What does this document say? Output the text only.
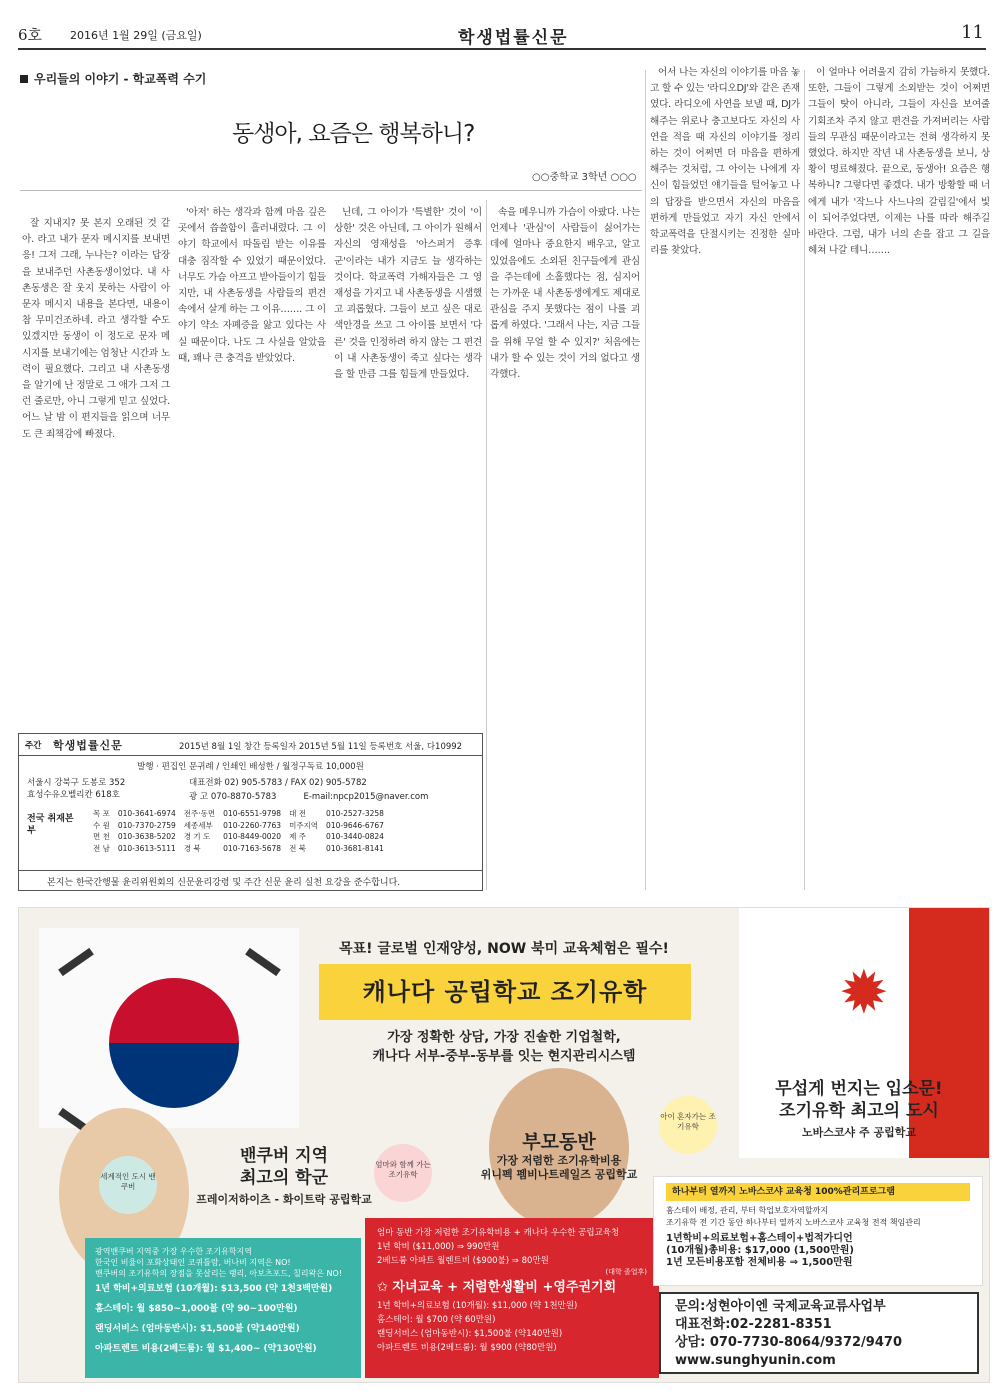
6호	2016년 1월 29일 (금요일)	학생법률신문	11
우리들의 이야기 - 학교폭력 수기
동생아, 요즘은 행복하니?
○○중학교 3학년 ○○○

잘 지내지? 못 본지 오래된 것 같아. 라고 내가 문자 메시지를 보내면 응! 그저 그래, 누나는? 이라는 답장을 보내주던 사촌동생이었다. 내 사촌동생은 잘 웃지 못하는 사람이 아 문자 메시지 내용을 본다면, 내용이 참 무미건조하네. 라고 생각할 수도 있겠지만 동생이 이 정도로 문자 메시지를 보내기에는 엄청난 시간과 노력이 필요했다. 그리고 내 사촌동생을 알기에 난 정말로 그 애가 그저 그런 줄로만, 아니 그렇게 믿고 싶었다. 어느 날 밤 이 편지들을 읽으며 너무도 큰 죄책감에 빠졌다.

'아저' 하는 생각과 함께 마음 깊은 곳에서 씁쓸함이 흘러내렸다. 그 이야기 학교에서 따돌림 받는 이유를 대충 짐작할 수 있었기 때문이었다. 너무도 가슴 아프고 받아들이기 힘들지만, 내 사촌동생을 사람들의 편견 속에서 살게 하는 그 이유……. 그 이야기 약소 자폐증을 앓고 있다는 사실 때문이다. 나도 그 사실을 알았을 때, 꽤나 큰 충격을 받았었다.

닌데, 그 아이가 '특별한' 것이 '이상한' 것은 아닌데, 그 아이가 원해서 자신의 영재성을 '아스퍼거 증후군'이라는 내가 지금도 늘 생각하는 것이다. 학교폭력 가해자들은 그 영재성을 가지고 내 사촌동생을 시샘했고 괴롭혔다. 그들이 보고 싶은 대로 색안경을 쓰고 그 아이를 보면서 '다른' 것을 인정하려 하지 않는 그 편견이 내 사촌동생이 죽고 싶다는 생각을 할 만큼 그를 힘들게 만들었다.

속을 메우니까 가슴이 아팠다. 나는 언제나 '관심'이 사람들이 싫어가는 데에 얼마나 중요한지 배우고, 알고 있었음에도 소외된 친구들에게 관심을 주는데에 소홀했다는 점, 심지어는 가까운 내 사촌동생에게도 제대로 관심을 주지 못했다는 점이 나를 괴롭게 하였다. '그래서 나는, 지금 그들을 위해 무얼 할 수 있지?' 처음에는 내가 할 수 있는 것이 거의 없다고 생각했다.

어서 나는 자신의 이야기를 마음 놓고 할 수 있는 '라디오DJ'와 같은 존재였다. 라디오에 사연을 보낼 때, DJ가 해주는 위로나 충고보다도 자신의 사연을 적을 때 자신의 이야기를 정리하는 것이 어쩌면 더 마음을 편하게 해주는 것처럼, 그 아이는 나에게 자신이 힘들었던 얘기들을 털어놓고 나의 답장을 받으면서 자신의 마음을 편하게 만들었고 자기 자신 안에서 학교폭력을 단절시키는 진정한 실마리를 찾았다.

이 얼마나 어려울지 감히 가늠하지 못했다. 또한, 그들이 그렇게 소외받는 것이 어쩌면 그들이 탓이 아니라, 그들이 자신을 보여줄 기회조차 주지 않고 편견을 가져버리는 사람들의 무관심 때문이라고는 전혀 생각하지 못했었다. 하지만 작년 내 사촌동생을 보니, 상황이 명료해졌다. 끝으로, 동생아! 요즘은 행복하니? 그렇다면 좋겠다. 내가 방황할 때 너에게 내가 '작느나 사느나의 갈림길'에서 빛이 되어주었다면, 이제는 나를 따라 해주길 바란다. 그럼, 내가 너의 손을 잡고 그 길을 헤쳐 나갈 테니…….

주간 학생법률신문	2015년 8월 1일 창간 등록일자 2015년 5월 11일 등록번호 서울, 다10992
발행 · 편집인 문귀례 / 인쇄인 배성한 / 월정구독료 10,000원
서울시 강북구 도봉로 352
효성수유오벨리칸 618호
대표전화 02) 905-5783 / FAX 02) 905-5782
광 고 070-8870-5783	E-mail:npcp2015@naver.com
전국 취재본부
목 포	010-3641-6974	전주·동면	010-6551-9798	대 전	010-2527-3258
수 원	010-7370-2759	세종세부	010-2260-7763	미주지역	010-9646-6767
면 천	010-3638-5202	경 기 도	010-8449-0020	제 주	010-3440-0824
전 남	010-3613-5111	경 북	010-7163-5678	전 북	010-3681-8141
본지는 한국간행물 윤리위원회의 신문윤리강령 및 주간 신문 윤리 실천 요강을 준수합니다.
✹
목표! 글로벌 인재양성, NOW 북미 교육체험은 필수!
캐나다 공립학교 조기유학
가장 정확한 상담, 가장 진솔한 기업철학,
캐나다 서부-중부-동부를 잇는 현지관리시스템
세계적인 도시 밴쿠버
엄마와 함께 가는 조기유학
아이 혼자가는 조기유학
밴쿠버 지역
최고의 학군
프레이저하이츠 - 화이트락 공립학교
부모동반
가장 저렴한 조기유학비용
위니펙 펨비나트레일즈 공립학교
무섭게 번지는 입소문!
조기유학 최고의 도시
노바스코샤 주 공립학교
광역밴쿠버 지역중 가장 우수한 조기유학지역
한국인 비율이 포화상태인 코퀴틀람, 버나비 지역은 NO!
밴쿠버의 조기유학의 장점을 못살리는 랭리, 아보츠포드, 칠리왁은 NO!
1년 학비+의료보험 (10개월): $13,500 (약 1천3백만원)
홈스테이: 월 $850~1,000불 (약 90~100만원)
랜딩서비스 (엄마동반시): $1,500불 (약140만원)
아파트렌트 비용(2베드룸): 월 $1,400~ (약130만원)
엄마 동반 가장 저렴한 조기유학비용 + 캐나다 우수한 공립교육청
1년 학비 ($11,000) ⇒ 990만원
2베드룸 아파트 월렌트비 ($900불) ⇒ 80만원
(대학 졸업후)
✩ 자녀교육 + 저렴한생활비 +영주권기회
1년 학비+의료보험 (10개월): $11,000 (약 1천만원)
홈스테이: 월 $700 (약 60만원)
랜딩서비스 (엄마동반시): $1,500불 (약140만원)
아파트렌트 비용(2베드룸): 월 $900 (약80만원)
하나부터 열까지 노바스코샤 교육청 100%관리프로그램
홈스테이 배정, 관리, 부터 학업보호자역할까지
조기유학 전 기간 동안 하나부터 열까지 노바스코샤 교육청 전적 책임관리
1년학비+의료보험+홈스테이+법적가디언
(10개월)총비용: $17,000 (1,500만원)
1년 모든비용포함 전체비용 ⇒ 1,500만원
문의:성현아이엔 국제교육교류사업부
대표전화:02-2281-8351
상담: 070-7730-8064/9372/9470
www.sunghyunin.com
